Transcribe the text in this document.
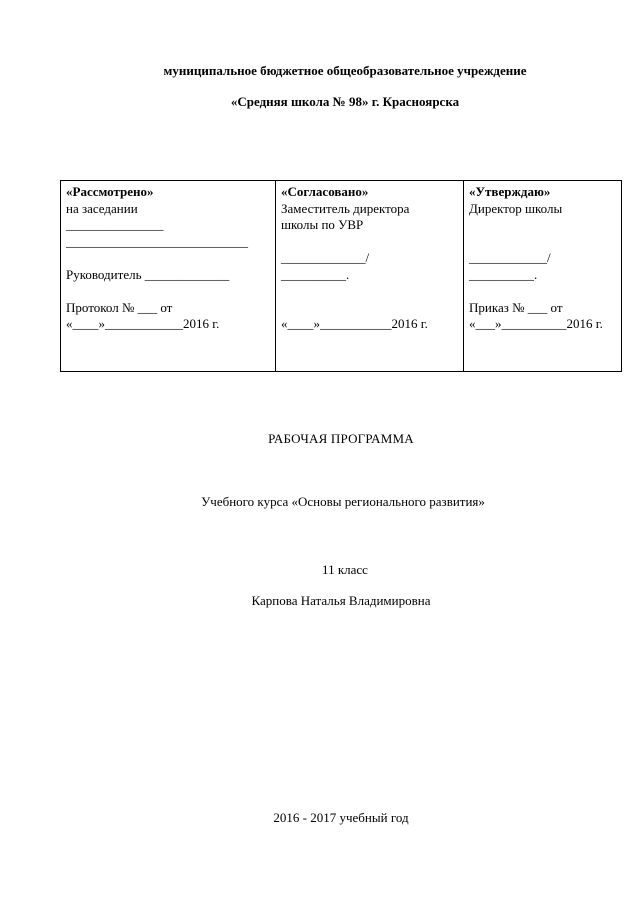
муниципальное бюджетное общеобразовательное учреждение
«Средняя школа № 98» г. Красноярска
«Рассмотрено»
на заседании
_______________
____________________________
Руководитель _____________
Протокол № ___ от
«____»____________2016 г.
«Согласовано»
Заместитель директора
школы по УВР
_____________/
__________.
«____»___________2016 г.
«Утверждаю»
Директор школы
____________/
__________.
Приказ № ___ от
«___»__________2016 г.
РАБОЧАЯ ПРОГРАММА
Учебного курса «Основы регионального развития»
11 класс
Карпова Наталья Владимировна
2016 - 2017 учебный год
